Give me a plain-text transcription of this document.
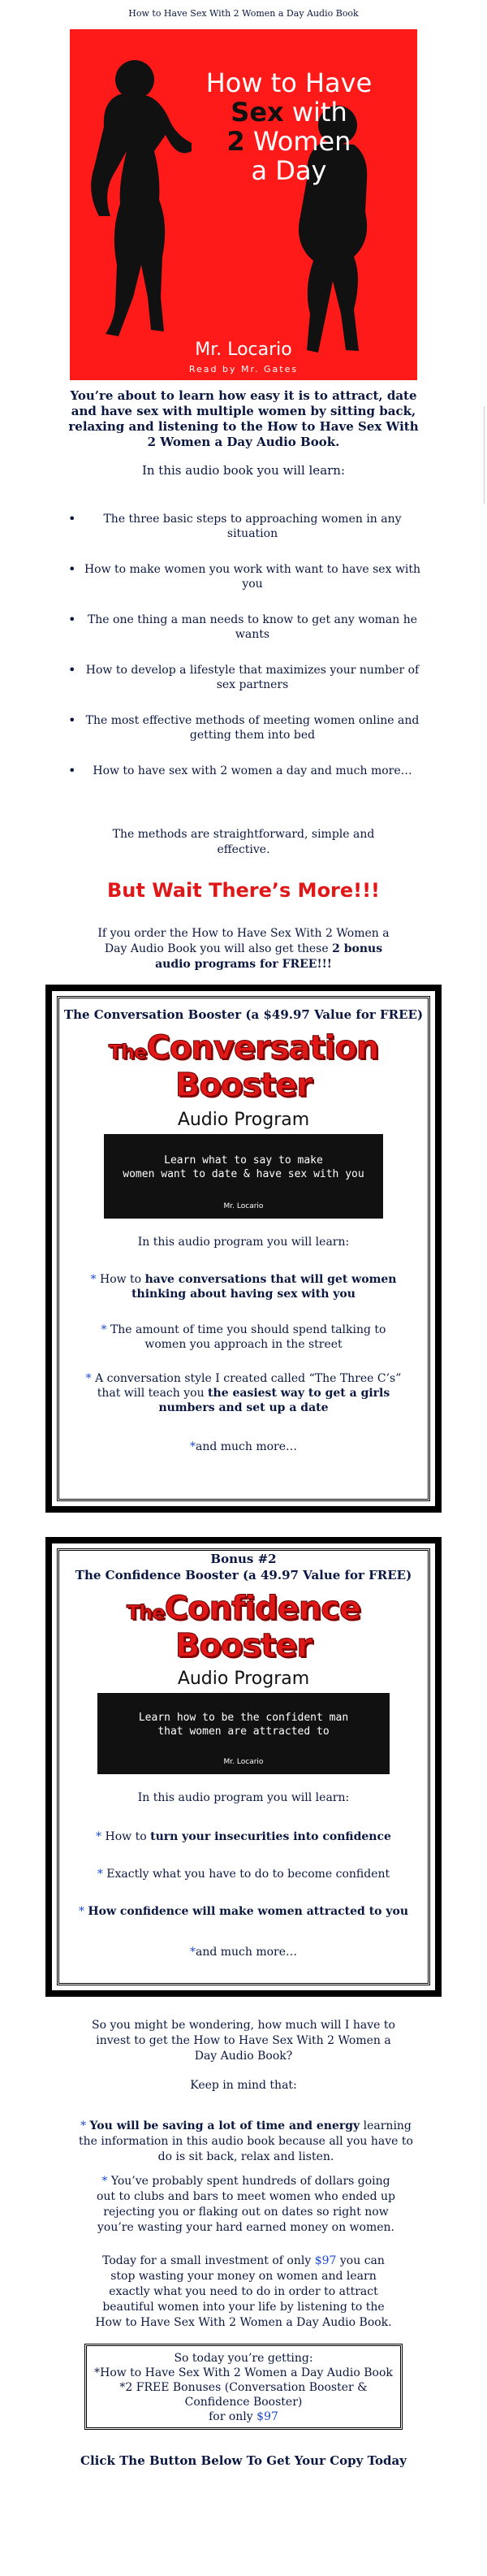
How to Have Sex With 2 Women a Day Audio Book
How to Have
Sex with
2 Women
a Day
Mr. Locario
Read by Mr. Gates
You’re about to learn how easy it is to attract, date and have sex with multiple women by sitting back, relaxing and listening to the How to Have Sex With 2 Women a Day Audio Book.
In this audio book you will learn:
• The three basic steps to approaching women in any situation
• How to make women you work with want to have sex with you
• The one thing a man needs to know to get any woman he wants
• How to develop a lifestyle that maximizes your number of sex partners
• The most effective methods of meeting women online and getting them into bed
• How to have sex with 2 women a day and much more…
The methods are straightforward, simple and effective.
But Wait There’s More!!!
If you order the How to Have Sex With 2 Women a Day Audio Book you will also get these 2 bonus audio programs for FREE!!!
The Conversation Booster (a $49.97 Value for FREE)
TheConversation
Booster
Audio Program
Learn what to say to make
women want to date & have sex with you
Mr. Locario
In this audio program you will learn:
* How to have conversations that will get women thinking about having sex with you
* The amount of time you should spend talking to women you approach in the street
* A conversation style I created called “The Three C’s” that will teach you the easiest way to get a girls numbers and set up a date
*and much more…
Bonus #2
The Confidence Booster (a 49.97 Value for FREE)
TheConfidence
Booster
Audio Program
Learn how to be the confident man
that women are attracted to
Mr. Locario
In this audio program you will learn:
* How to turn your insecurities into confidence
* Exactly what you have to do to become confident
* How confidence will make women attracted to you
*and much more…
So you might be wondering, how much will I have to invest to get the How to Have Sex With 2 Women a Day Audio Book?
Keep in mind that:
* You will be saving a lot of time and energy learning the information in this audio book because all you have to do is sit back, relax and listen.
* You’ve probably spent hundreds of dollars going out to clubs and bars to meet women who ended up rejecting you or flaking out on dates so right now you’re wasting your hard earned money on women.
Today for a small investment of only $97 you can stop wasting your money on women and learn exactly what you need to do in order to attract beautiful women into your life by listening to the How to Have Sex With 2 Women a Day Audio Book.
So today you’re getting:
*How to Have Sex With 2 Women a Day Audio Book
*2 FREE Bonuses (Conversation Booster & Confidence Booster)
for only $97
Click The Button Below To Get Your Copy Today
